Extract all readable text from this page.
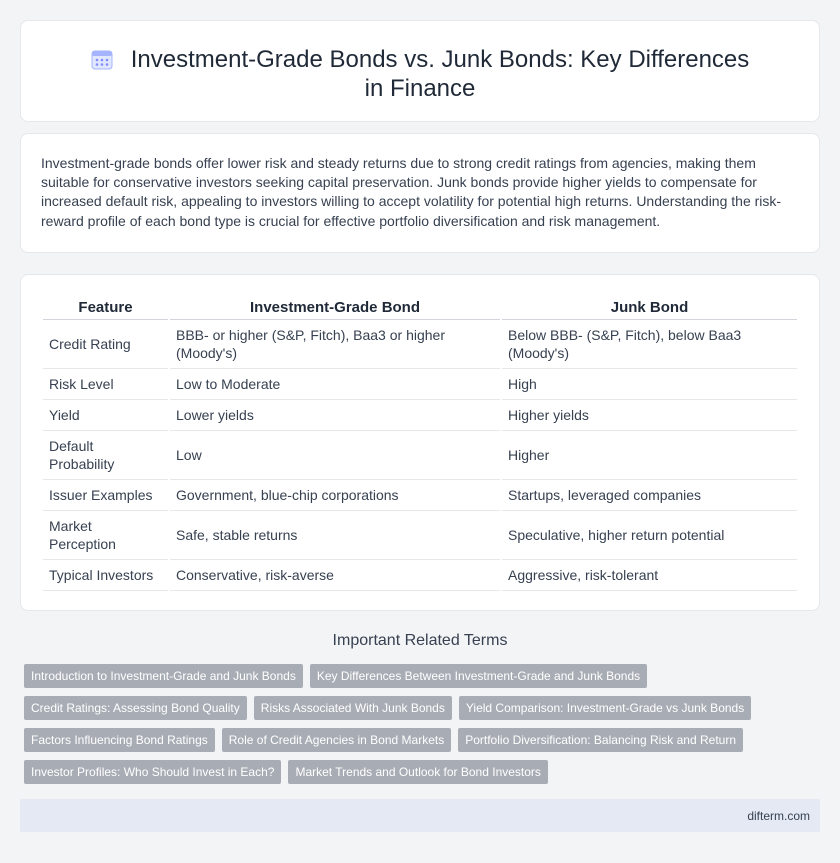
Investment-Grade Bonds vs. Junk Bonds: Key Differences in Finance

Investment-grade bonds offer lower risk and steady returns due to strong credit ratings from agencies, making them suitable for conservative investors seeking capital preservation. Junk bonds provide higher yields to compensate for increased default risk, appealing to investors willing to accept volatility for potential high returns. Understanding the risk-reward profile of each bond type is crucial for effective portfolio diversification and risk management.

Feature	Investment-Grade Bond	Junk Bond
Credit Rating	BBB- or higher (S&P, Fitch), Baa3 or higher (Moody's)	Below BBB- (S&P, Fitch), below Baa3 (Moody's)
Risk Level	Low to Moderate	High
Yield	Lower yields	Higher yields
Default Probability	Low	Higher
Issuer Examples	Government, blue-chip corporations	Startups, leveraged companies
Market Perception	Safe, stable returns	Speculative, higher return potential
Typical Investors	Conservative, risk-averse	Aggressive, risk-tolerant
Important Related Terms
Introduction to Investment-Grade and Junk Bonds	Key Differences Between Investment-Grade and Junk Bonds
Credit Ratings: Assessing Bond Quality	Risks Associated With Junk Bonds	Yield Comparison: Investment-Grade vs Junk Bonds
Factors Influencing Bond Ratings	Role of Credit Agencies in Bond Markets	Portfolio Diversification: Balancing Risk and Return
Investor Profiles: Who Should Invest in Each?	Market Trends and Outlook for Bond Investors
difterm.com
